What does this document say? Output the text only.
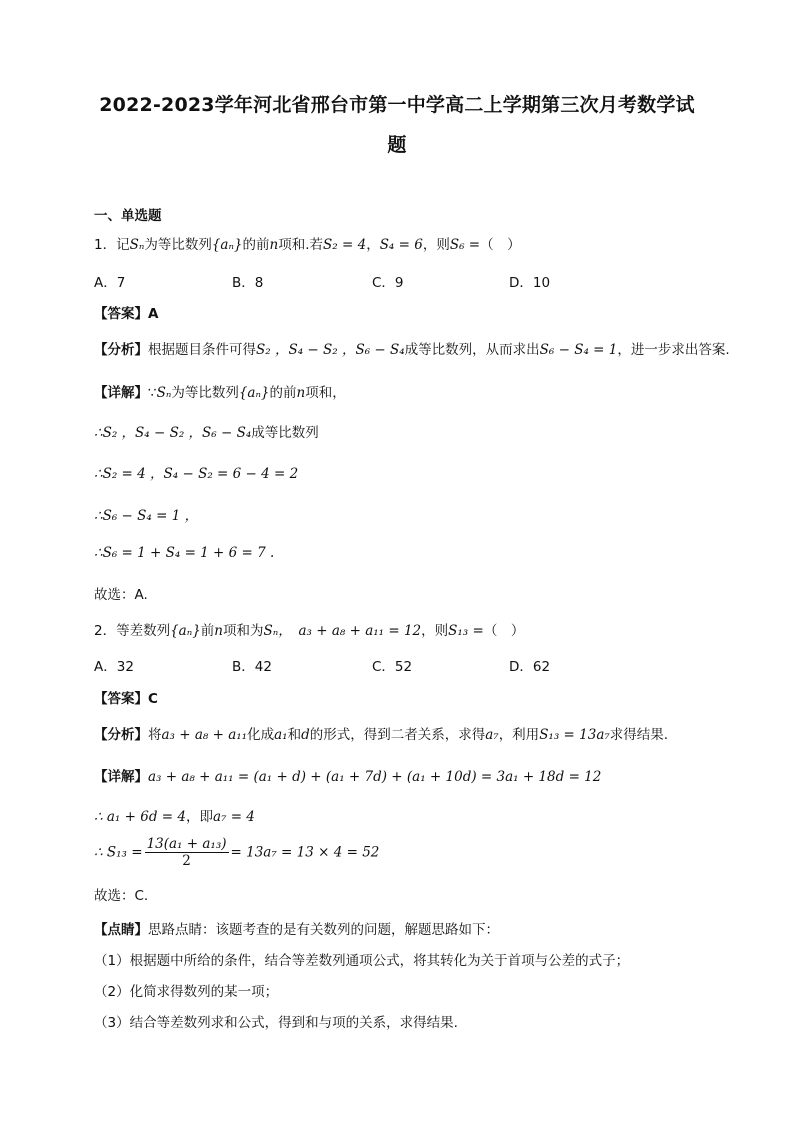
2022-2023学年河北省邢台市第一中学高二上学期第三次月考数学试
题
一、单选题
1．记Sₙ为等比数列{aₙ}的前n项和.若S₂ = 4，S₄ = 6，则S₆ =（　）
A．7	B．8	C．9	D．10
【答案】A
【分析】根据题目条件可得S₂ ，S₄ − S₂ ，S₆ − S₄成等比数列，从而求出S₆ − S₄ = 1，进一步求出答案.
【详解】∵Sₙ为等比数列{aₙ}的前n项和，
∴S₂ ，S₄ − S₂ ，S₆ − S₄成等比数列
∴S₂ = 4 ，S₄ − S₂ = 6 − 4 = 2
∴S₆ − S₄ = 1 ，
∴S₆ = 1 + S₄ = 1 + 6 = 7 .
故选：A.
2．等差数列{aₙ}前n项和为Sₙ，　a₃ + a₈ + a₁₁ = 12，则S₁₃ =（　）
A．32	B．42	C．52	D．62
【答案】C
【分析】将a₃ + a₈ + a₁₁化成a₁和d的形式，得到二者关系，求得a₇，利用S₁₃ = 13a₇求得结果.
【详解】a₃ + a₈ + a₁₁ = (a₁ + d) + (a₁ + 7d) + (a₁ + 10d) = 3a₁ + 18d = 12
∴ a₁ + 6d = 4，即a₇ = 4
∴ $S_{13} = \frac{\text{13(a₁ + a₁₃)}}{2} = 13a_7 = 13 \times 4 = 52$
故选：C.
【点睛】思路点睛：该题考查的是有关数列的问题，解题思路如下：
（1）根据题中所给的条件，结合等差数列通项公式，将其转化为关于首项与公差的式子；
（2）化简求得数列的某一项；
（3）结合等差数列求和公式，得到和与项的关系，求得结果.
